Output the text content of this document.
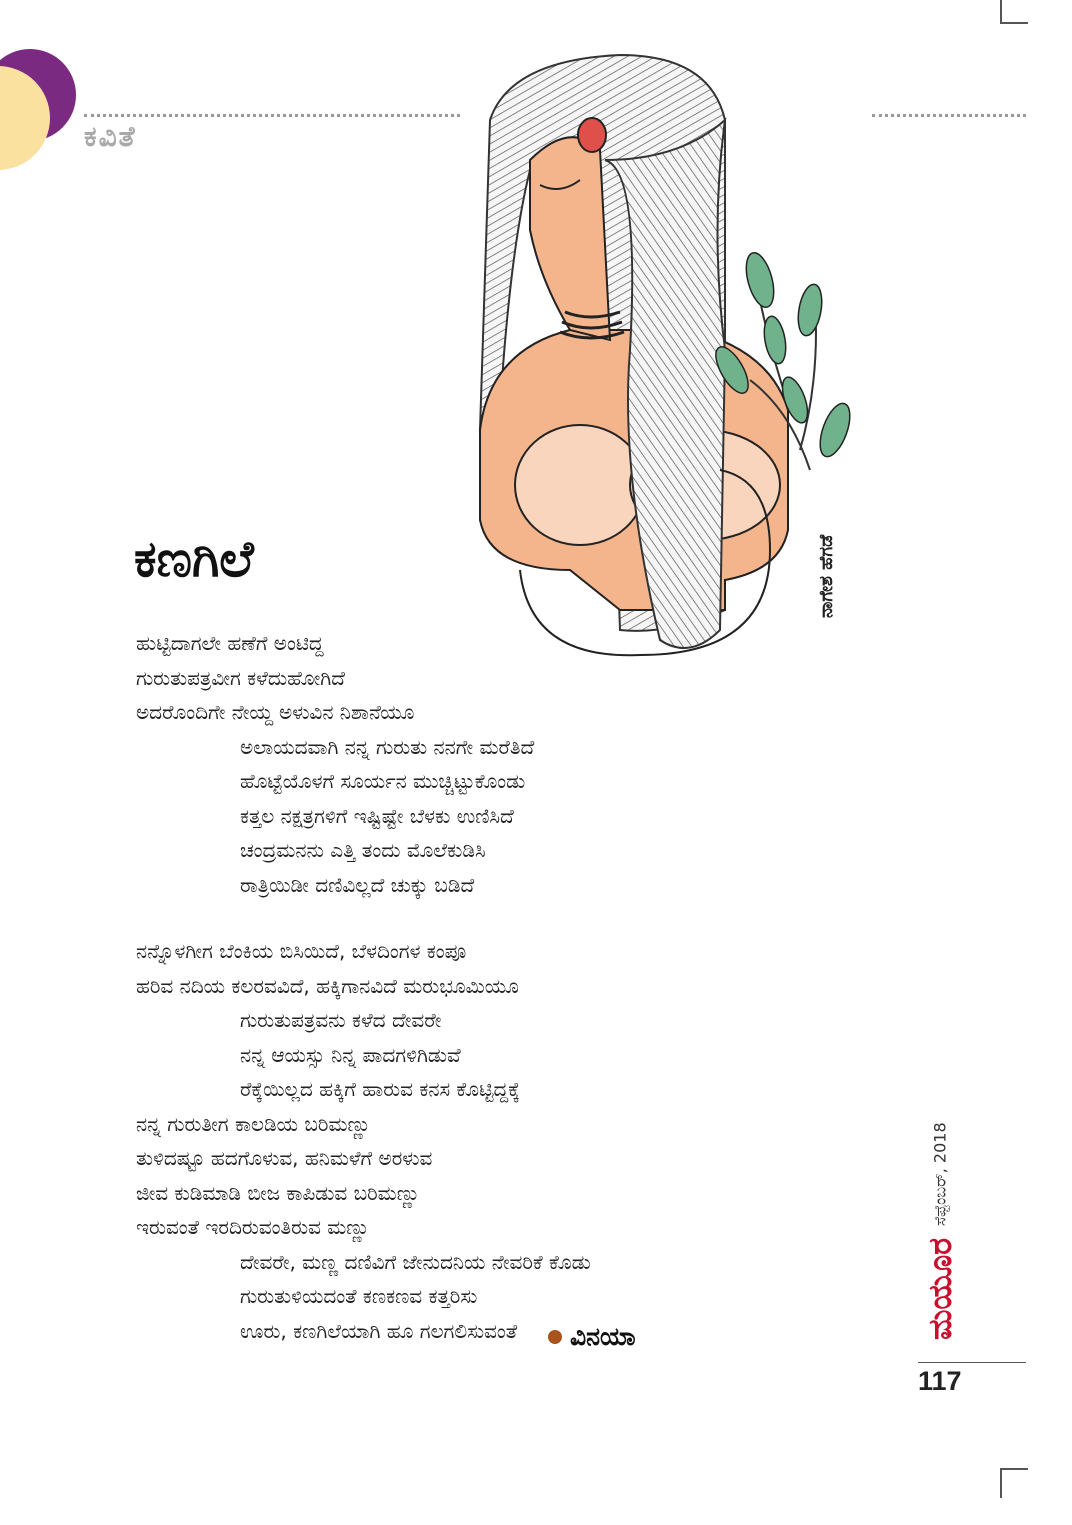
ಕವಿತೆ
ನಾಗೇಶ ಹೆಗಡೆ
ಕಣಗಿಲೆ
ಹುಟ್ಟಿದಾಗಲೇ ಹಣೆಗೆ ಅಂಟಿದ್ದ
ಗುರುತುಪತ್ರವೀಗ ಕಳೆದುಹೋಗಿದೆ
ಅದರೊಂದಿಗೇ ನೇಯ್ದ ಅಳುವಿನ ನಿಶಾನೆಯೂ
ಅಲಾಯದವಾಗಿ ನನ್ನ ಗುರುತು ನನಗೇ ಮರೆತಿದೆ
ಹೊಟ್ಟೆಯೊಳಗೆ ಸೂರ್ಯನ ಮುಚ್ಚಿಟ್ಟುಕೊಂಡು
ಕತ್ತಲ ನಕ್ಷತ್ರಗಳಿಗೆ ಇಷ್ಟಿಷ್ಟೇ ಬೆಳಕು ಉಣಿಸಿದೆ
ಚಂದ್ರಮನನು ಎತ್ತಿ ತಂದು ಮೊಲೆಕುಡಿಸಿ
ರಾತ್ರಿಯಿಡೀ ದಣಿವಿಲ್ಲದೆ ಚುಕ್ಕು ಬಡಿದೆ
ನನ್ನೊಳಗೀಗ ಬೆಂಕಿಯ ಬಿಸಿಯಿದೆ, ಬೆಳದಿಂಗಳ ಕಂಪೂ
ಹರಿವ ನದಿಯ ಕಲರವವಿದೆ, ಹಕ್ಕಿಗಾನವಿದೆ ಮರುಭೂಮಿಯೂ
ಗುರುತುಪತ್ರವನು ಕಳೆದ ದೇವರೇ
ನನ್ನ ಆಯಸ್ಸು ನಿನ್ನ ಪಾದಗಳಿಗಿಡುವೆ
ರೆಕ್ಕೆಯಿಲ್ಲದ ಹಕ್ಕಿಗೆ ಹಾರುವ ಕನಸ ಕೊಟ್ಟಿದ್ದಕ್ಕೆ
ನನ್ನ ಗುರುತೀಗ ಕಾಲಡಿಯ ಬರಿಮಣ್ಣು
ತುಳಿದಷ್ಟೂ ಹದಗೊಳುವ, ಹನಿಮಳೆಗೆ ಅರಳುವ
ಜೀವ ಕುಡಿಮಾಡಿ ಬೀಜ ಕಾಪಿಡುವ ಬರಿಮಣ್ಣು
ಇರುವಂತೆ ಇರದಿರುವಂತಿರುವ ಮಣ್ಣು
ದೇವರೇ, ಮಣ್ಣ ದಣಿವಿಗೆ ಜೇನುದನಿಯ ನೇವರಿಕೆ ಕೊಡು
ಗುರುತುಳಿಯದಂತೆ ಕಣಕಣವ ಕತ್ತರಿಸು
ಊರು, ಕಣಗಿಲೆಯಾಗಿ ಹೂ ಗಲಗಲಿಸುವಂತೆ	ವಿನಯಾ	ಮಯೂರ
ಸೆಪ್ಟೆಂಬರ್, 2018
117
